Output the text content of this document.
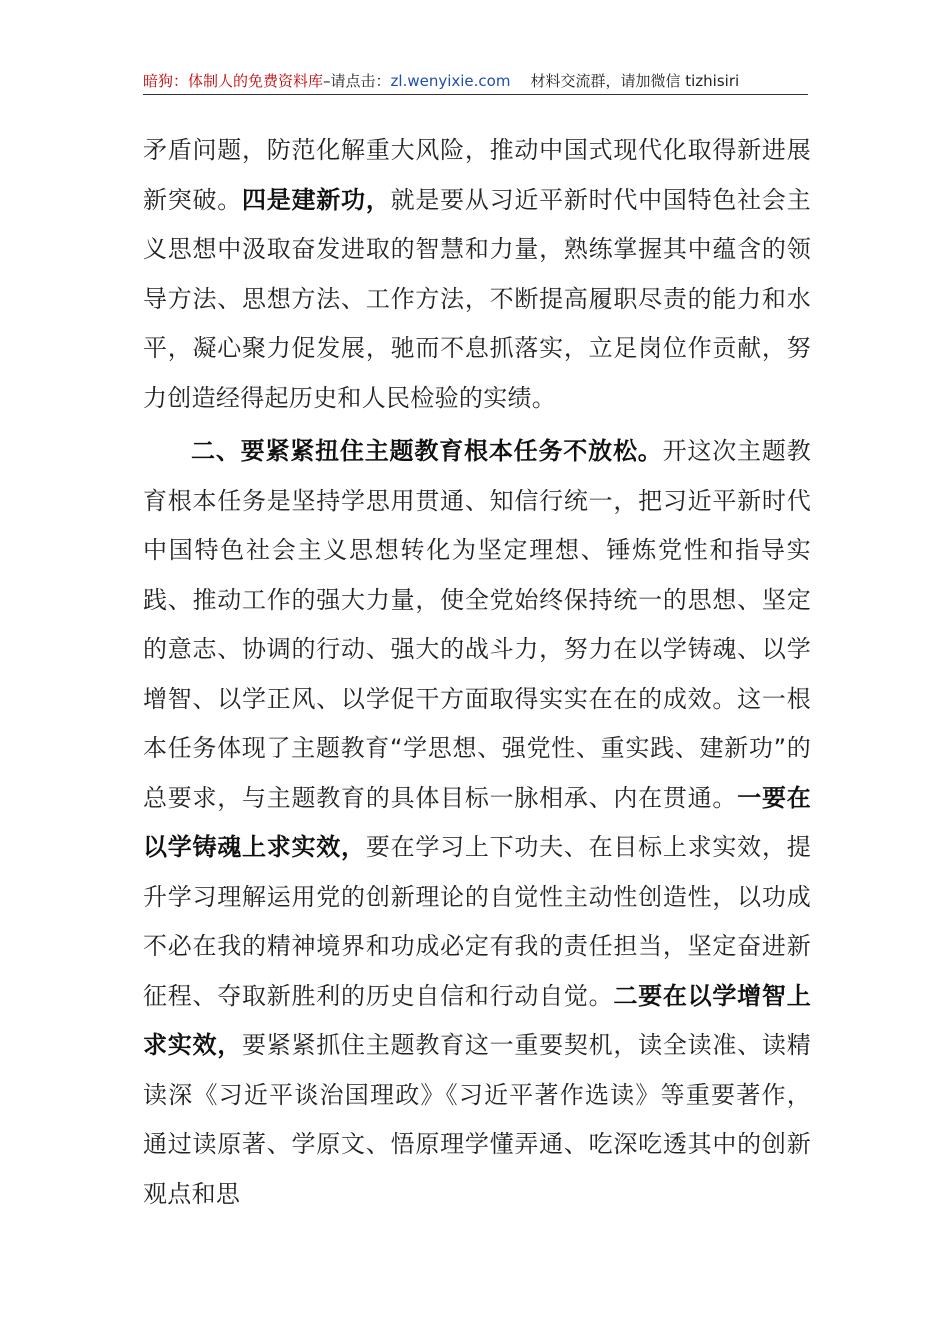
暗狗：体制人的免费资料库–请点击：zl.wenyixie.com 材料交流群，请加微信 tizhisiri

矛盾问题，防范化解重大风险，推动中国式现代化取得新进展新突破。四是建新功，就是要从习近平新时代中国特色社会主义思想中汲取奋发进取的智慧和力量，熟练掌握其中蕴含的领导方法、思想方法、工作方法，不断提高履职尽责的能力和水平，凝心聚力促发展，驰而不息抓落实，立足岗位作贡献，努力创造经得起历史和人民检验的实绩。

二、要紧紧扭住主题教育根本任务不放松。开这次主题教育根本任务是坚持学思用贯通、知信行统一，把习近平新时代中国特色社会主义思想转化为坚定理想、锤炼党性和指导实践、推动工作的强大力量，使全党始终保持统一的思想、坚定的意志、协调的行动、强大的战斗力，努力在以学铸魂、以学增智、以学正风、以学促干方面取得实实在在的成效。这一根本任务体现了主题教育“学思想、强党性、重实践、建新功”的总要求，与主题教育的具体目标一脉相承、内在贯通。一要在以学铸魂上求实效，要在学习上下功夫、在目标上求实效，提升学习理解运用党的创新理论的自觉性主动性创造性，以功成不必在我的精神境界和功成必定有我的责任担当，坚定奋进新征程、夺取新胜利的历史自信和行动自觉。二要在以学增智上求实效，要紧紧抓住主题教育这一重要契机，读全读准、读精读深《习近平谈治国理政》《习近平著作选读》等重要著作，通过读原著、学原文、悟原理学懂弄通、吃深吃透其中的创新观点和思
